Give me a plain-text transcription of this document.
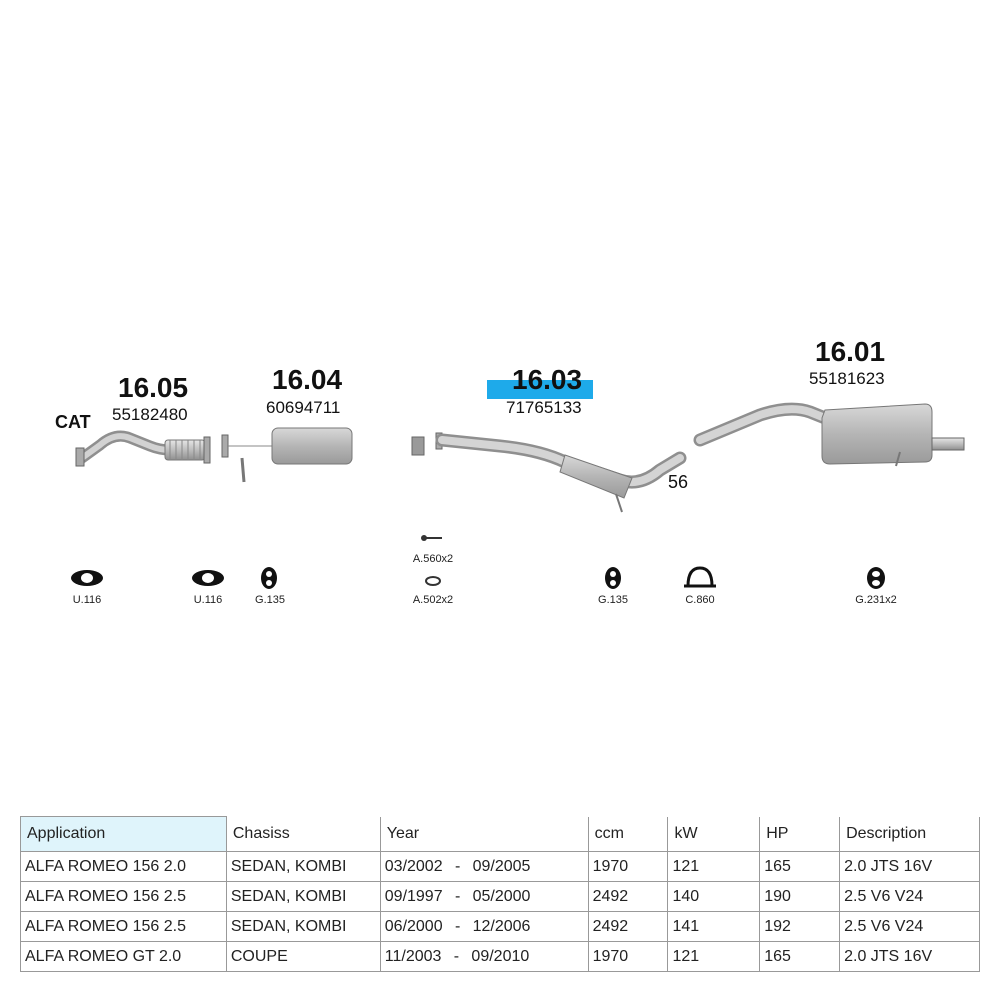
CAT
16.05
55182480
16.04
60694711
16.03
71765133
16.01
55181623
56
U.116	U.116	G.135
A.560x2
A.502x2	G.135	C.860	G.231x2
Application	Chasiss	Year	ccm	kW	HP	Description
ALFA ROMEO 156 2.0	SEDAN, KOMBI	03/2002 - 09/2005	1970	121	165	2.0 JTS 16V
ALFA ROMEO 156 2.5	SEDAN, KOMBI	09/1997 - 05/2000	2492	140	190	2.5 V6 V24
ALFA ROMEO 156 2.5	SEDAN, KOMBI	06/2000 - 12/2006	2492	141	192	2.5 V6 V24
ALFA ROMEO GT 2.0	COUPE	11/2003 - 09/2010	1970	121	165	2.0 JTS 16V
